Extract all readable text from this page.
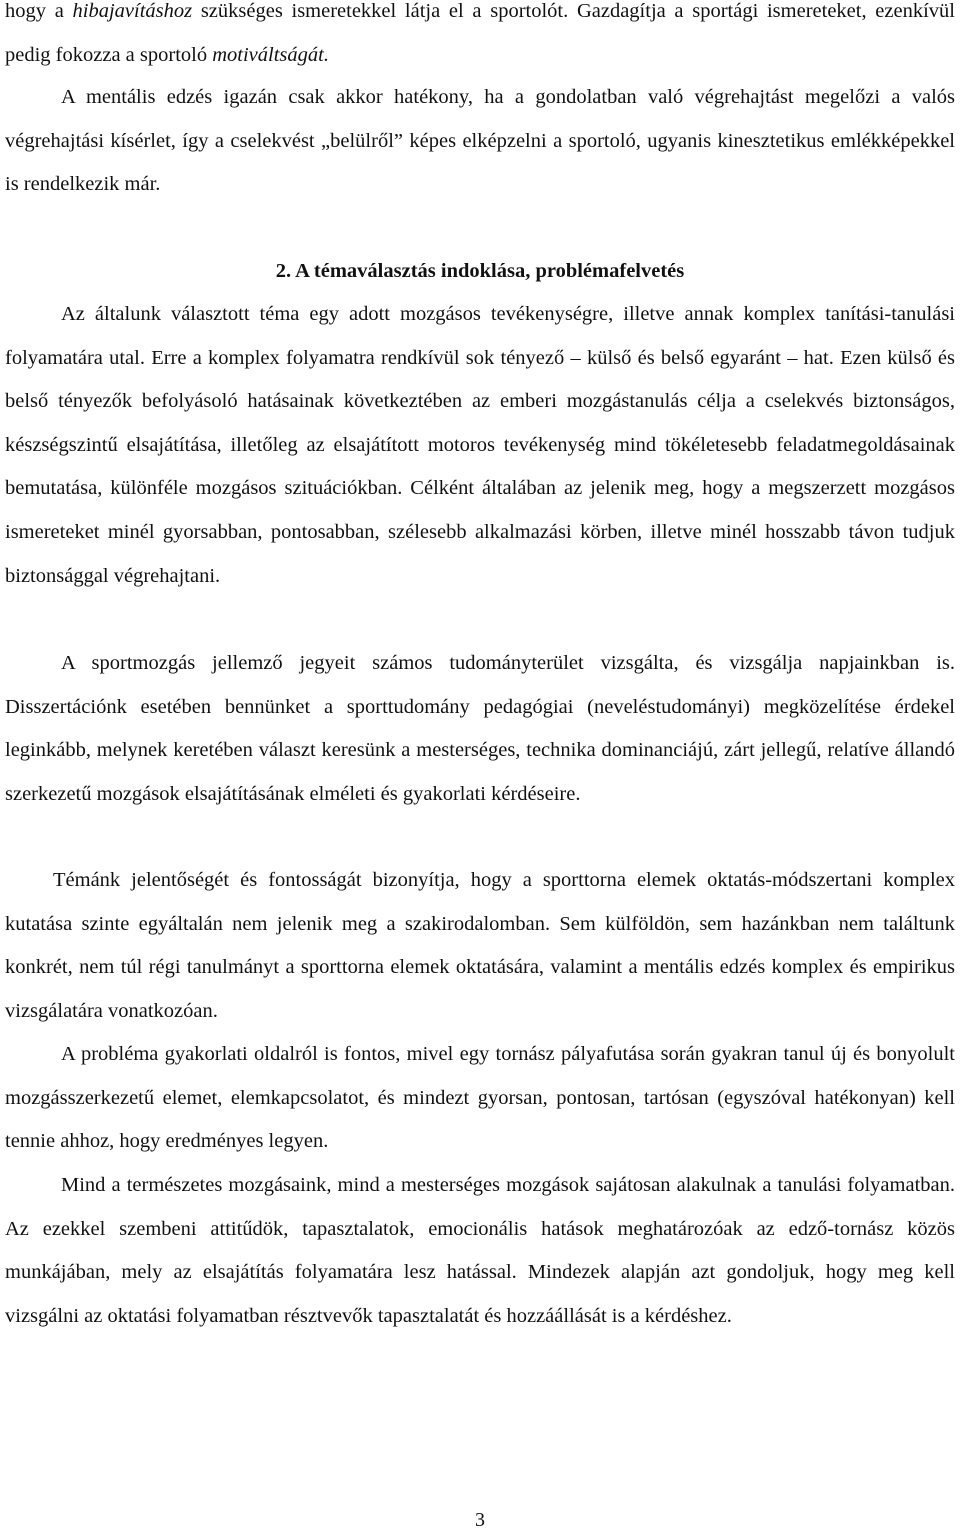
hogy a hibajavításhoz szükséges ismeretekkel látja el a sportolót. Gazdagítja a sportági ismereteket, ezenkívül pedig fokozza a sportoló motiváltságát.

A mentális edzés igazán csak akkor hatékony, ha a gondolatban való végrehajtást megelőzi a valós végrehajtási kísérlet, így a cselekvést „belülről” képes elképzelni a sportoló, ugyanis kinesztetikus emlékképekkel is rendelkezik már.

2. A témaválasztás indoklása, problémafelvetés

Az általunk választott téma egy adott mozgásos tevékenységre, illetve annak komplex tanítási-tanulási folyamatára utal. Erre a komplex folyamatra rendkívül sok tényező – külső és belső egyaránt – hat. Ezen külső és belső tényezők befolyásoló hatásainak következtében az emberi mozgástanulás célja a cselekvés biztonságos, készségszintű elsajátítása, illetőleg az elsajátított motoros tevékenység mind tökéletesebb feladatmegoldásainak bemutatása, különféle mozgásos szituációkban. Célként általában az jelenik meg, hogy a megszerzett mozgásos ismereteket minél gyorsabban, pontosabban, szélesebb alkalmazási körben, illetve minél hosszabb távon tudjuk biztonsággal végrehajtani.

A sportmozgás jellemző jegyeit számos tudományterület vizsgálta, és vizsgálja napjainkban is. Disszertációnk esetében bennünket a sporttudomány pedagógiai (neveléstudományi) megközelítése érdekel leginkább, melynek keretében választ keresünk a mesterséges, technika dominanciájú, zárt jellegű, relatíve állandó szerkezetű mozgások elsajátításának elméleti és gyakorlati kérdéseire.

Témánk jelentőségét és fontosságát bizonyítja, hogy a sporttorna elemek oktatás-módszertani komplex kutatása szinte egyáltalán nem jelenik meg a szakirodalomban. Sem külföldön, sem hazánkban nem találtunk konkrét, nem túl régi tanulmányt a sporttorna elemek oktatására, valamint a mentális edzés komplex és empirikus vizsgálatára vonatkozóan.

A probléma gyakorlati oldalról is fontos, mivel egy tornász pályafutása során gyakran tanul új és bonyolult mozgásszerkezetű elemet, elemkapcsolatot, és mindezt gyorsan, pontosan, tartósan (egyszóval hatékonyan) kell tennie ahhoz, hogy eredményes legyen.

Mind a természetes mozgásaink, mind a mesterséges mozgások sajátosan alakulnak a tanulási folyamatban. Az ezekkel szembeni attitűdök, tapasztalatok, emocionális hatások meghatározóak az edző-tornász közös munkájában, mely az elsajátítás folyamatára lesz hatással. Mindezek alapján azt gondoljuk, hogy meg kell vizsgálni az oktatási folyamatban résztvevők tapasztalatát és hozzáállását is a kérdéshez.

3
